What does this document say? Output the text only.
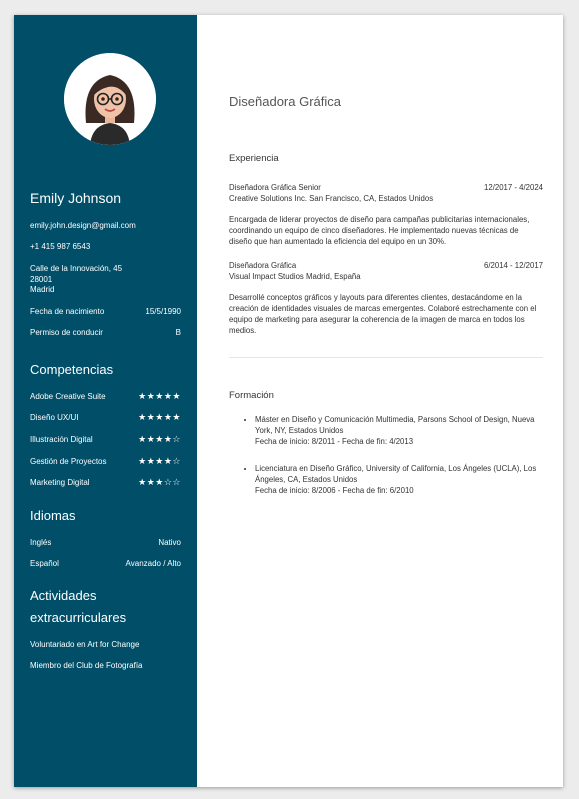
Emily Johnson
emily.john.design@gmail.com
+1 415 987 6543
Calle de la Innovación, 45
28001
Madrid
Fecha de nacimiento	15/5/1990
Permiso de conducir	B
Competencias
Adobe Creative Suite	★★★★★
Diseño UX/UI	★★★★★
Illustración Digital	★★★★☆
Gestión de Proyectos	★★★★☆
Marketing Digital	★★★☆☆
Idiomas
Inglés	Nativo
Español	Avanzado / Alto
Actividades
extracurriculares
Voluntariado en Art for Change
Miembro del Club de Fotografía
Diseñadora Gráfica
Experiencia
Diseñadora Gráfica Senior	12/2017 - 4/2024
Creative Solutions Inc. San Francisco, CA, Estados Unidos
Encargada de liderar proyectos de diseño para campañas publicitarias internacionales, coordinando un equipo de cinco diseñadores. He implementado nuevas técnicas de diseño que han aumentado la eficiencia del equipo en un 30%.
Diseñadora Gráfica	6/2014 - 12/2017
Visual Impact Studios Madrid, España
Desarrollé conceptos gráficos y layouts para diferentes clientes, destacándome en la creación de identidades visuales de marcas emergentes. Colaboré estrechamente con el equipo de marketing para asegurar la coherencia de la imagen de marca en todos los medios.
Formación
• Máster en Diseño y Comunicación Multimedia, Parsons School of Design, Nueva York, NY, Estados Unidos
Fecha de inicio: 8/2011 - Fecha de fin: 4/2013
• Licenciatura en Diseño Gráfico, University of California, Los Ángeles (UCLA), Los Ángeles, CA, Estados Unidos
Fecha de inicio: 8/2006 - Fecha de fin: 6/2010
